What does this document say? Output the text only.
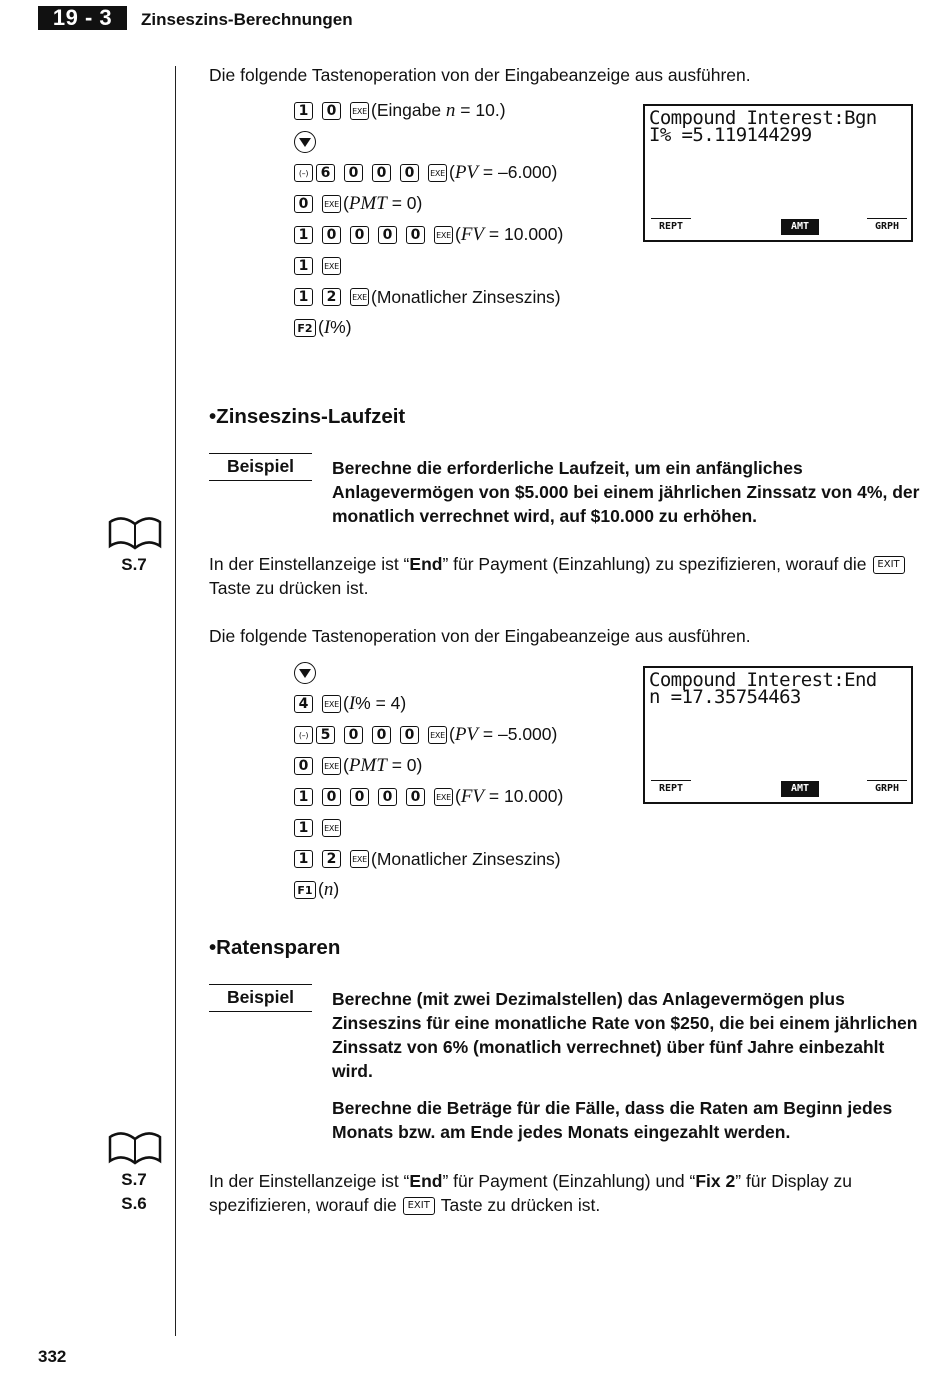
19 - 3	Zinseszins-Berechnungen
Die folgende Tastenoperation von der Eingabeanzeige aus ausführen.
1	0	EXE (Eingabe n = 10.)
(–) 6	0	0	0	EXE (PV = –6.000)
0	EXE (PMT = 0)
1	0	0	0	0	EXE (FV = 10.000)
1	EXE
1	2	EXE (Monatlicher Zinseszins)
F2 (I%)
Compound Interest:Bgn
I% =5.119144299
REPT	AMT	GRPH
•Zinseszins-Laufzeit
Beispiel	Berechne die erforderliche Laufzeit, um ein anfängliches Anlagevermögen von $5.000 bei einem jährlichen Zinssatz von 4%, der monatlich verrechnet wird, auf $10.000 zu erhöhen.
S.7	In der Einstellanzeige ist “End” für Payment (Einzahlung) zu spezifizieren, worauf die EXITTaste zu drücken ist.
Die folgende Tastenoperation von der Eingabeanzeige aus ausführen.
4	EXE (I% = 4)
(–) 5	0	0	0	EXE (PV = –5.000)
0	EXE (PMT = 0)
1	0	0	0	0	EXE (FV = 10.000)
1	EXE
1	2	EXE (Monatlicher Zinseszins)
F1 (n)
Compound Interest:End
n =17.35754463
REPT	AMT	GRPH
•Ratensparen
Beispiel	Berechne (mit zwei Dezimalstellen) das Anlagevermögen plus Zinseszins für eine monatliche Rate von $250, die bei einem jährlichen Zinssatz von 6% (monatlich verrechnet) über fünf Jahre einbezahlt wird.
Berechne die Beträge für die Fälle, dass die Raten am Beginn jedes Monats bzw. am Ende jedes Monats eingezahlt werden.
S.7
S.6
In der Einstellanzeige ist “End” für Payment (Einzahlung) und “Fix 2” für Display zu spezifizieren, worauf die EXIT Taste zu drücken ist.
332
